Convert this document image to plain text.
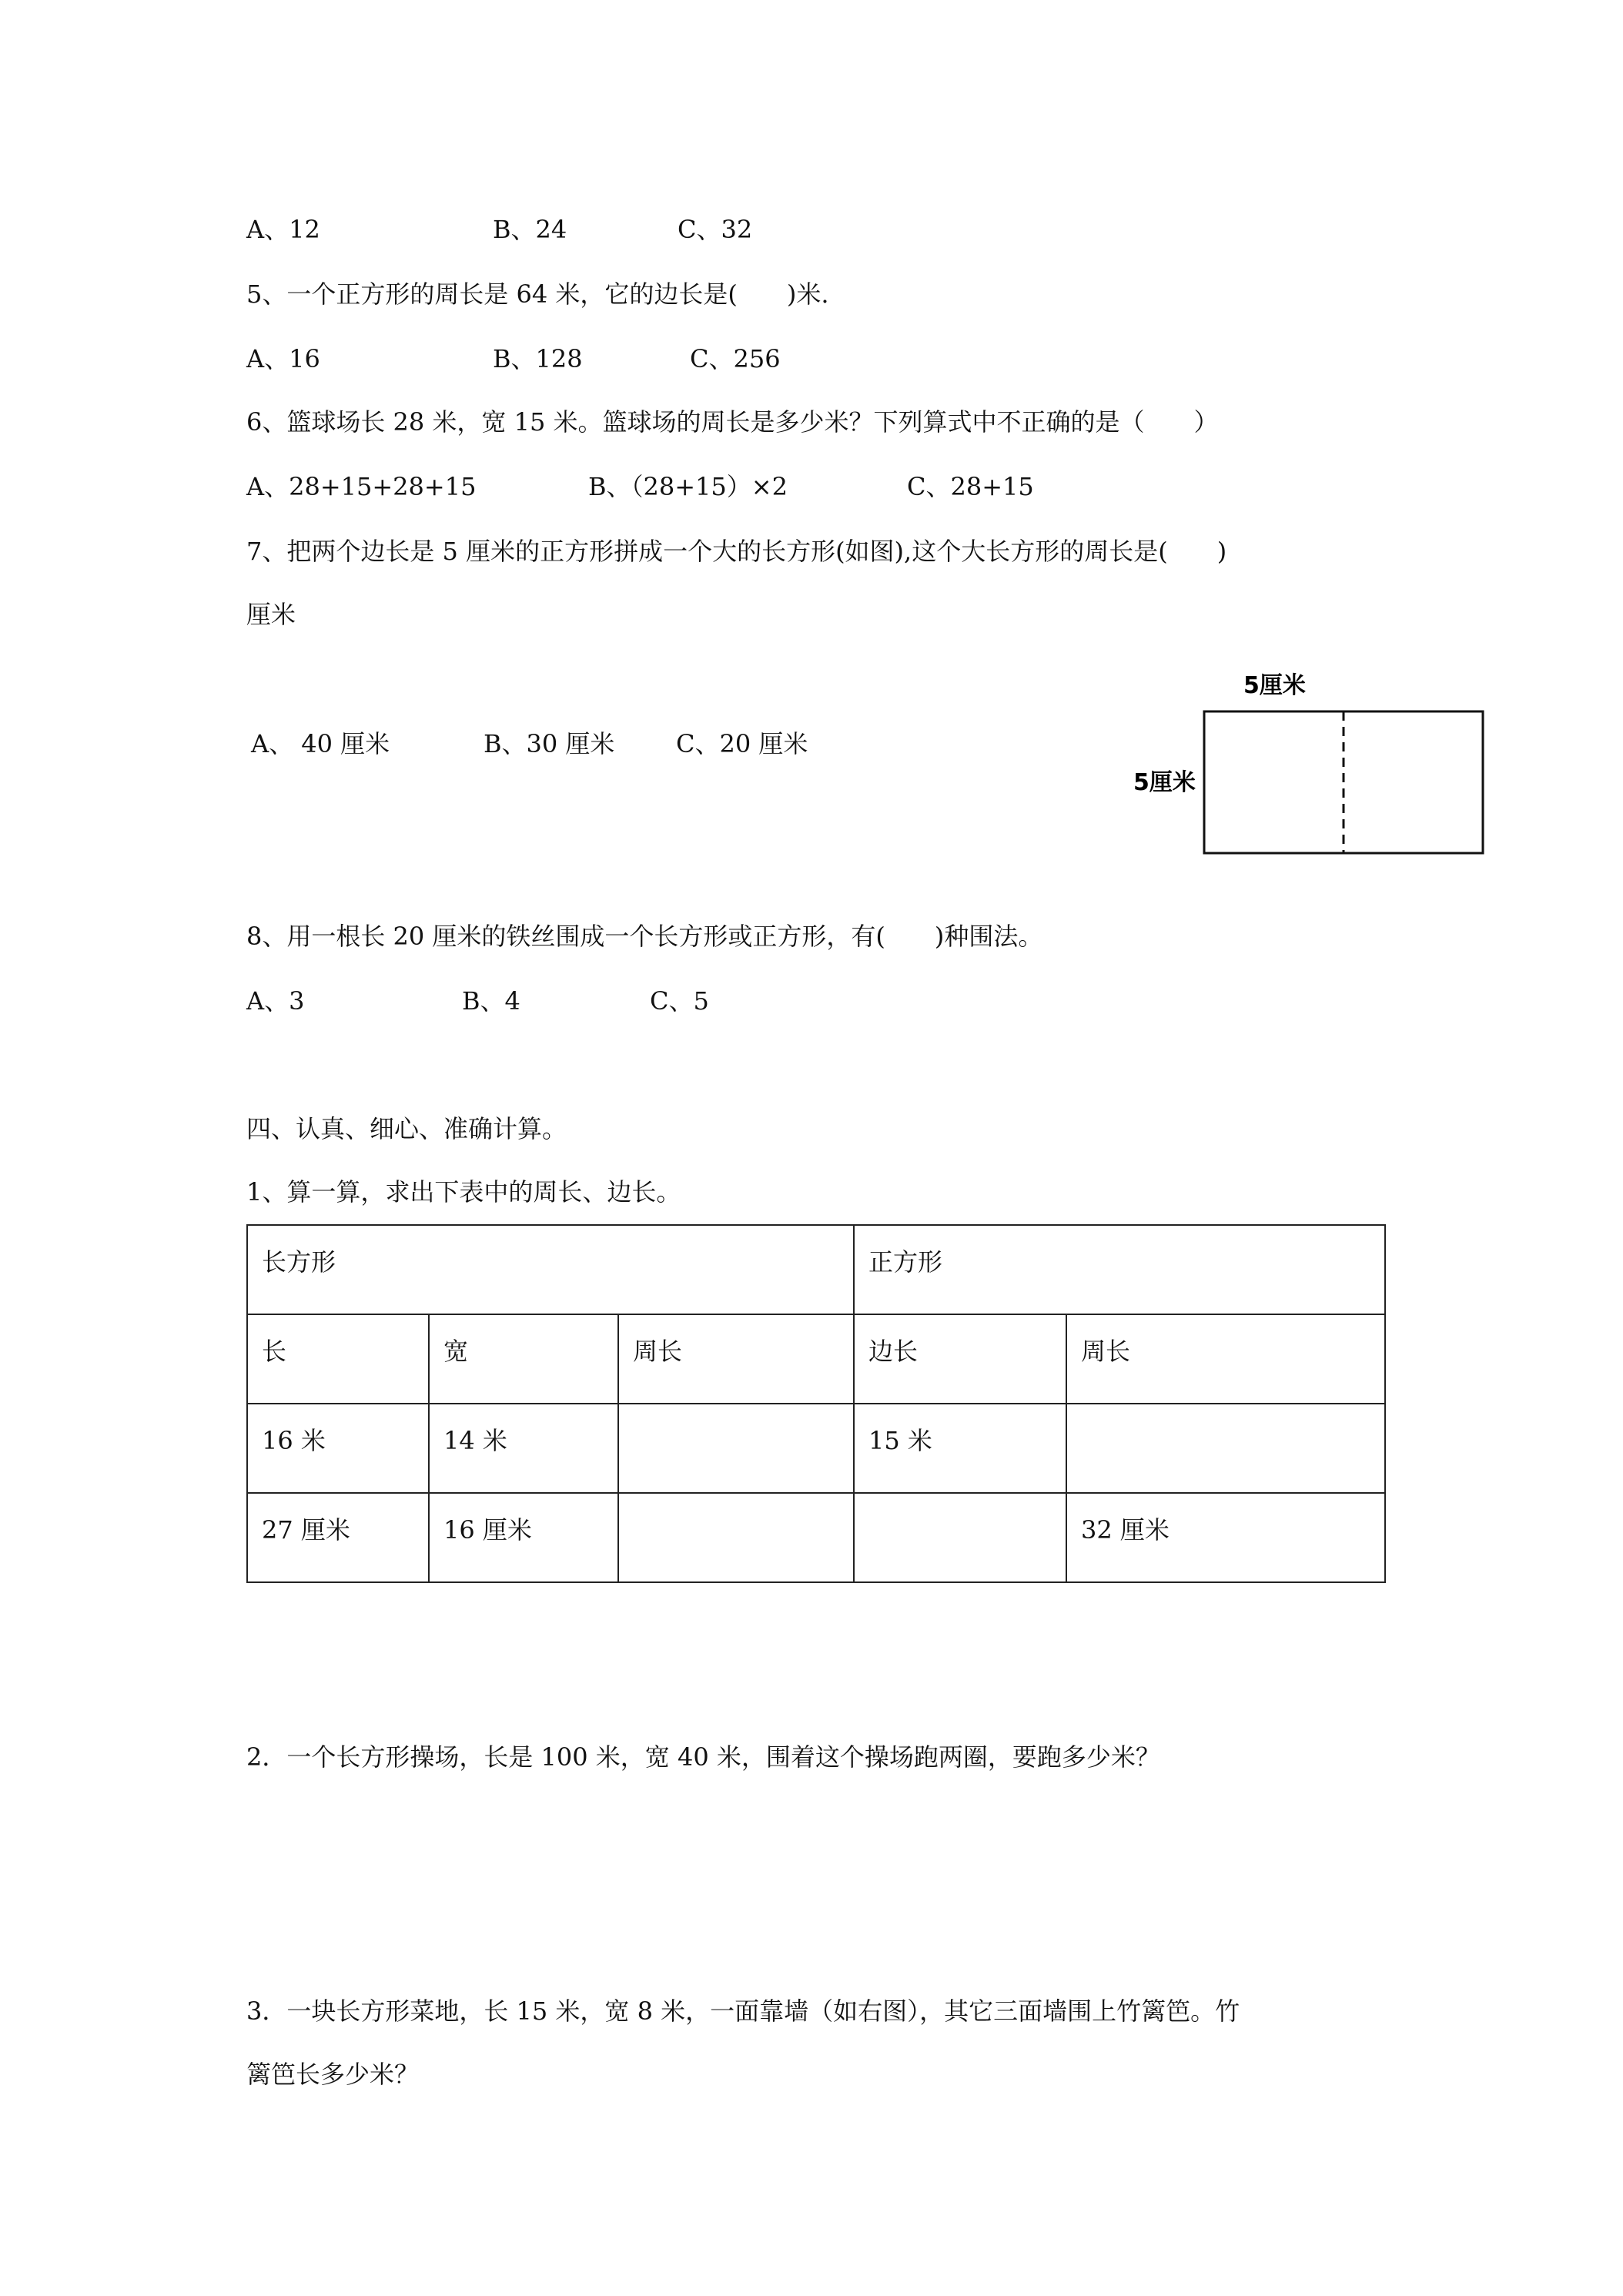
A、12	B、24	C、32
5、一个正方形的周长是 64 米，它的边长是(　　)米.
A、16	B、128	C、256
6、篮球场长 28 米，宽 15 米。篮球场的周长是多少米？下列算式中不正确的是（　　）
A、28+15+28+15	B、（28+15）×2	C、28+15
7、把两个边长是 5 厘米的正方形拼成一个大的长方形(如图),这个大长方形的周长是(　　)
厘米
A、 40 厘米	B、30 厘米 C、20 厘米
5厘米
5厘米
8、用一根长 20 厘米的铁丝围成一个长方形或正方形，有(　　)种围法。
A、3	B、4	C、5
四、认真、细心、准确计算。
1、算一算，求出下表中的周长、边长。
长方形			正方形	
长	宽	周长	边长	周长
16 米	14 米		15 米	
27 厘米	16 厘米			32 厘米
2．一个长方形操场，长是 100 米，宽 40 米，围着这个操场跑两圈，要跑多少米？
3．一块长方形菜地，长 15 米，宽 8 米，一面靠墙（如右图），其它三面墙围上竹篱笆。竹
篱笆长多少米？
